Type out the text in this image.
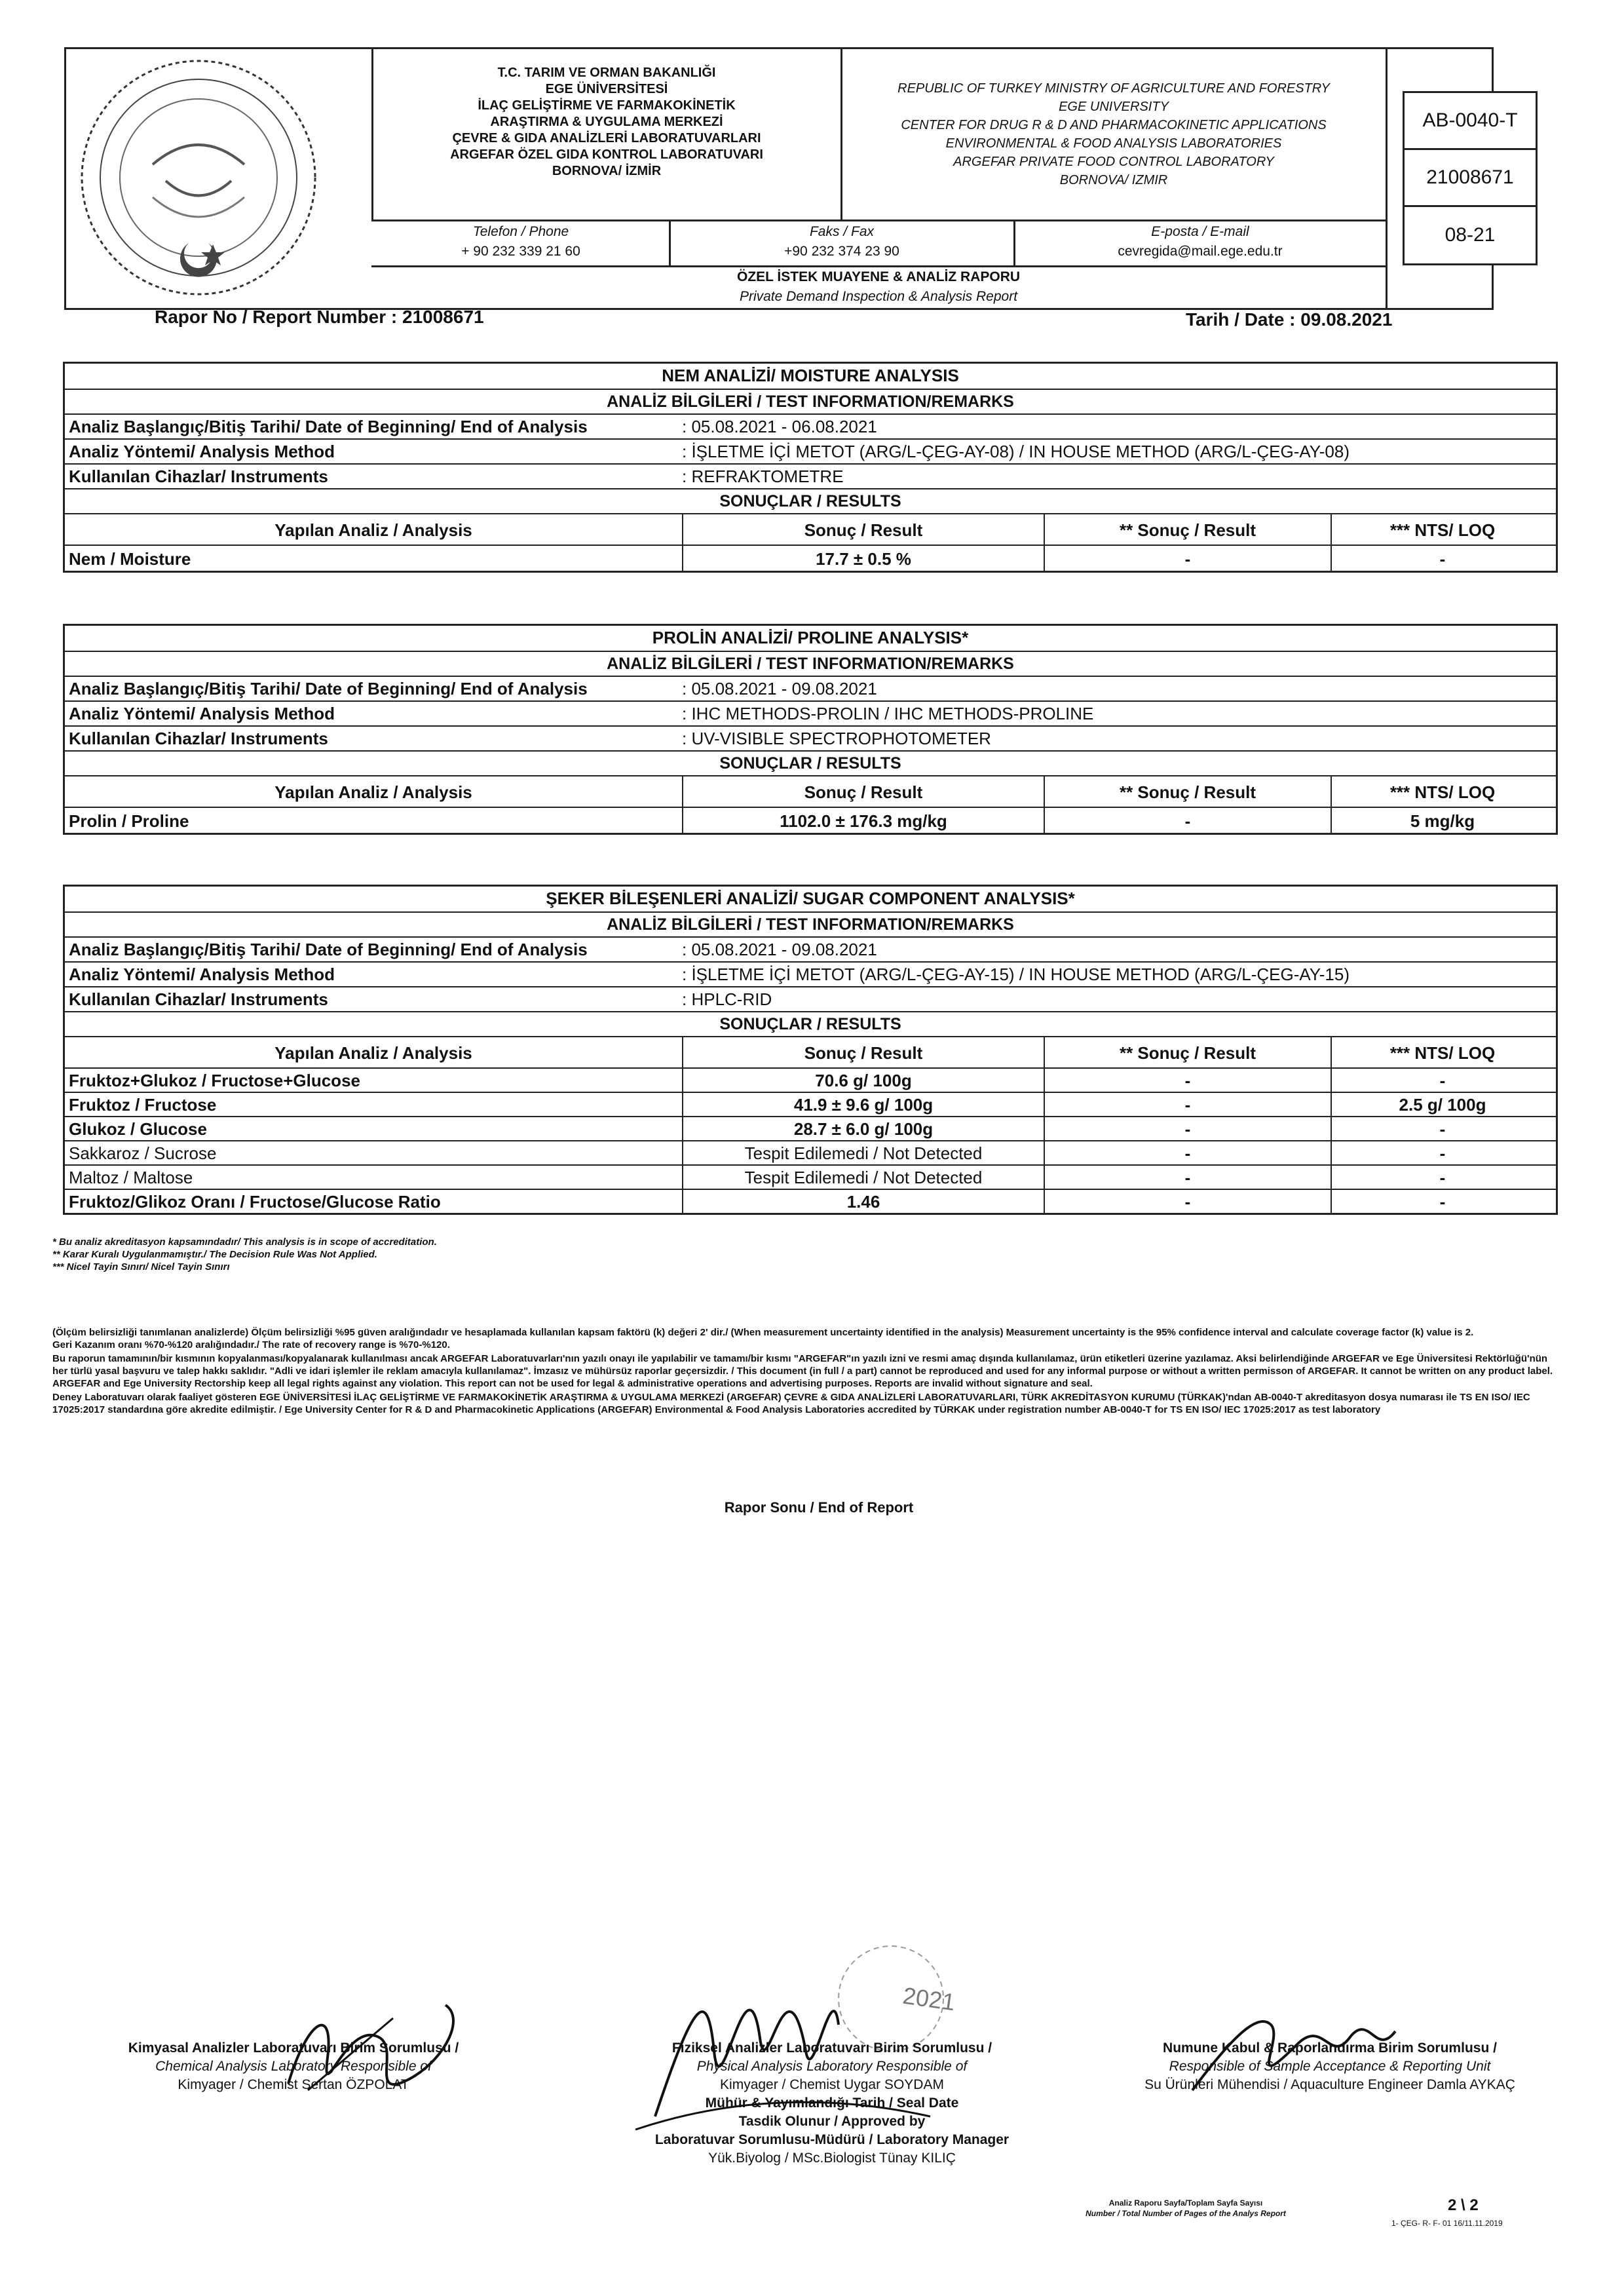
T.C. TARIM VE ORMAN BAKANLIĞI
EGE ÜNİVERSİTESİ
İLAÇ GELİŞTİRME VE FARMAKOKİNETİK
ARAŞTIRMA & UYGULAMA MERKEZİ
ÇEVRE & GIDA ANALİZLERİ LABORATUVARLARI
ARGEFAR ÖZEL GIDA KONTROL LABORATUVARI
BORNOVA/ İZMİR
REPUBLIC OF TURKEY MINISTRY OF AGRICULTURE AND FORESTRY
EGE UNIVERSITY
CENTER FOR DRUG R & D AND PHARMACOKINETIC APPLICATIONS
ENVIRONMENTAL & FOOD ANALYSIS LABORATORIES
ARGEFAR PRIVATE FOOD CONTROL LABORATORY
BORNOVA/ IZMIR
Telefon / Phone
+ 90 232 339 21 60
Faks / Fax
+90 232 374 23 90
E-posta / E-mail
cevregida@mail.ege.edu.tr
ÖZEL İSTEK MUAYENE & ANALİZ RAPORU
Private Demand Inspection & Analysis Report
AB-0040-T
21008671
08-21
Rapor No / Report Number : 21008671	Tarih / Date : 09.08.2021
NEM ANALİZİ/ MOISTURE ANALYSIS
ANALİZ BİLGİLERİ / TEST INFORMATION/REMARKS
Analiz Başlangıç/Bitiş Tarihi/ Date of Beginning/ End of Analysis	: 05.08.2021 - 06.08.2021
Analiz Yöntemi/ Analysis Method	: İŞLETME İÇİ METOT (ARG/L-ÇEG-AY-08) / IN HOUSE METHOD (ARG/L-ÇEG-AY-08)
Kullanılan Cihazlar/ Instruments	: REFRAKTOMETRE
SONUÇLAR / RESULTS
Yapılan Analiz / Analysis	Sonuç / Result	** Sonuç / Result	*** NTS/ LOQ
Nem / Moisture	17.7 ± 0.5 %	-	-
PROLİN ANALİZİ/ PROLINE ANALYSIS*
ANALİZ BİLGİLERİ / TEST INFORMATION/REMARKS
Analiz Başlangıç/Bitiş Tarihi/ Date of Beginning/ End of Analysis	: 05.08.2021 - 09.08.2021
Analiz Yöntemi/ Analysis Method	: IHC METHODS-PROLIN / IHC METHODS-PROLINE
Kullanılan Cihazlar/ Instruments	: UV-VISIBLE SPECTROPHOTOMETER
SONUÇLAR / RESULTS
Yapılan Analiz / Analysis	Sonuç / Result	** Sonuç / Result	*** NTS/ LOQ
Prolin / Proline	1102.0 ± 176.3 mg/kg	-	5 mg/kg
ŞEKER BİLEŞENLERİ ANALİZİ/ SUGAR COMPONENT ANALYSIS*
ANALİZ BİLGİLERİ / TEST INFORMATION/REMARKS
Analiz Başlangıç/Bitiş Tarihi/ Date of Beginning/ End of Analysis	: 05.08.2021 - 09.08.2021
Analiz Yöntemi/ Analysis Method	: İŞLETME İÇİ METOT (ARG/L-ÇEG-AY-15) / IN HOUSE METHOD (ARG/L-ÇEG-AY-15)
Kullanılan Cihazlar/ Instruments	: HPLC-RID
SONUÇLAR / RESULTS
Yapılan Analiz / Analysis	Sonuç / Result	** Sonuç / Result	*** NTS/ LOQ
Fruktoz+Glukoz / Fructose+Glucose	70.6 g/ 100g	-	-
Fruktoz / Fructose	41.9 ± 9.6 g/ 100g	-	2.5 g/ 100g
Glukoz / Glucose	28.7 ± 6.0 g/ 100g	-	-
Sakkaroz / Sucrose	Tespit Edilemedi / Not Detected	-	-
Maltoz / Maltose	Tespit Edilemedi / Not Detected	-	-
Fruktoz/Glikoz Oranı / Fructose/Glucose Ratio	1.46	-	-
* Bu analiz akreditasyon kapsamındadır/ This analysis is in scope of accreditation.
** Karar Kuralı Uygulanmamıştır./ The Decision Rule Was Not Applied.
*** Nicel Tayin Sınırı/ Nicel Tayin Sınırı
(Ölçüm belirsizliği tanımlanan analizlerde) Ölçüm belirsizliği %95 güven aralığındadır ve hesaplamada kullanılan kapsam faktörü (k) değeri 2' dir./ (When measurement uncertainty identified in the analysis) Measurement uncertainty is the 95% confidence interval and calculate coverage factor (k) value is 2.
Geri Kazanım oranı %70-%120 aralığındadır./ The rate of recovery range is %70-%120.
Bu raporun tamamının/bir kısmının kopyalanması/kopyalanarak kullanılması ancak ARGEFAR Laboratuvarları'nın yazılı onayı ile yapılabilir ve tamamı/bir kısmı "ARGEFAR"ın yazılı izni ve resmi amaç dışında kullanılamaz, ürün etiketleri üzerine yazılamaz. Aksi belirlendiğinde ARGEFAR ve Ege Üniversitesi Rektörlüğü'nün her türlü yasal başvuru ve talep hakkı saklıdır. "Adli ve idari işlemler ile reklam amacıyla kullanılamaz". İmzasız ve mühürsüz raporlar geçersizdir. / This document (in full / a part) cannot be reproduced and used for any informal purpose or without a written permisson of ARGEFAR. It cannot be written on any product label. ARGEFAR and Ege University Rectorship keep all legal rights against any violation. This report can not be used for legal & administrative operations and advertising purposes. Reports are invalid without signature and seal.
Deney Laboratuvarı olarak faaliyet gösteren EGE ÜNİVERSİTESİ İLAÇ GELİŞTİRME VE FARMAKOKİNETİK ARAŞTIRMA & UYGULAMA MERKEZİ (ARGEFAR) ÇEVRE & GIDA ANALİZLERİ LABORATUVARLARI, TÜRK AKREDİTASYON KURUMU (TÜRKAK)'ndan AB-0040-T akreditasyon dosya numarası ile TS EN ISO/ IEC 17025:2017 standardına göre akredite edilmiştir. / Ege University Center for R & D and Pharmacokinetic Applications (ARGEFAR) Environmental & Food Analysis Laboratories accredited by TÜRKAK under registration number AB-0040-T for TS EN ISO/ IEC 17025:2017 as test laboratory
Rapor Sonu / End of Report
2021
Kimyasal Analizler Laboratuvarı Birim Sorumlusu /
Chemical Analysis Laboratory Responsible of
Kimyager / Chemist Sertan ÖZPOLAT
Fiziksel Analizler Laboratuvarı Birim Sorumlusu /
Physical Analysis Laboratory Responsible of
Kimyager / Chemist Uygar SOYDAM
Mühür & Yayımlandığı Tarih / Seal Date
Tasdik Olunur / Approved by
Laboratuvar Sorumlusu-Müdürü / Laboratory Manager
Yük.Biyolog / MSc.Biologist Tünay KILIÇ
Numune Kabul & Raporlandırma Birim Sorumlusu /
Responsible of Sample Acceptance & Reporting Unit
Su Ürünleri Mühendisi / Aquaculture Engineer Damla AYKAÇ
Analiz Raporu Sayfa/Toplam Sayfa Sayısı
Number / Total Number of Pages of the Analys Report	2 \ 2
1- ÇEG- R- F- 01 16/11.11.2019
